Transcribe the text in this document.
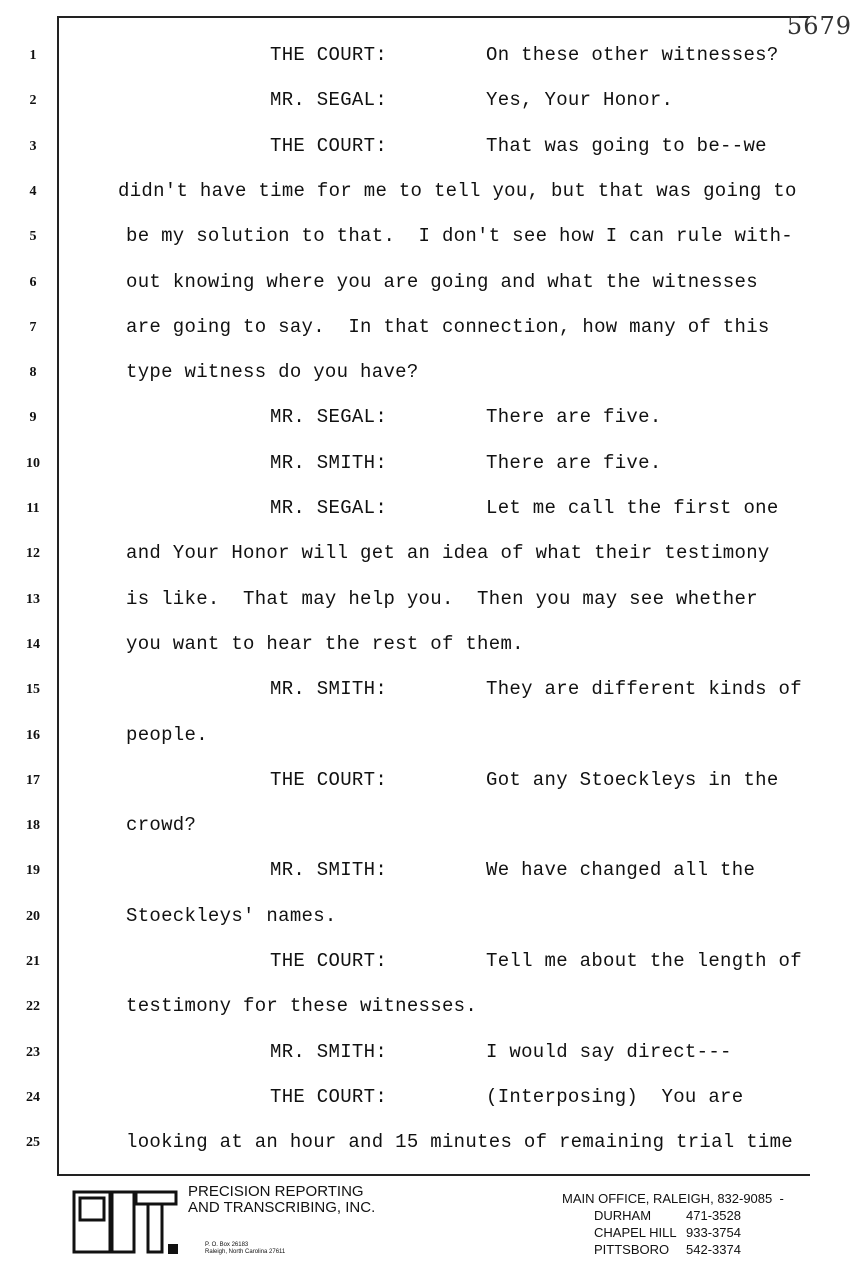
5679
1	THE COURT:	On these other witnesses?
2	MR. SEGAL:	Yes, Your Honor.
3	THE COURT:	That was going to be--we
4	didn't have time for me to tell you, but that was going to
5	be my solution to that.  I don't see how I can rule with-
6	out knowing where you are going and what the witnesses
7	are going to say.  In that connection, how many of this
8	type witness do you have?
9	MR. SEGAL:	There are five.
10	MR. SMITH:	There are five.
11	MR. SEGAL:	Let me call the first one
12	and Your Honor will get an idea of what their testimony
13	is like.  That may help you.  Then you may see whether
14	you want to hear the rest of them.
15	MR. SMITH:	They are different kinds of
16	people.
17	THE COURT:	Got any Stoeckleys in the
18	crowd?
19	MR. SMITH:	We have changed all the
20	Stoeckleys' names.
21	THE COURT:	Tell me about the length of
22	testimony for these witnesses.
23	MR. SMITH:	I would say direct---
24	THE COURT:	(Interposing)  You are
25	looking at an hour and 15 minutes of remaining trial time
PRECISION REPORTING
AND TRANSCRIBING, INC.
P. O. Box 26183
Raleigh, North Carolina 27611
MAIN OFFICE, RALEIGH, 832-9085  -
DURHAM	471-3528
CHAPEL HILL 933-3754
PITTSBORO 542-3374
